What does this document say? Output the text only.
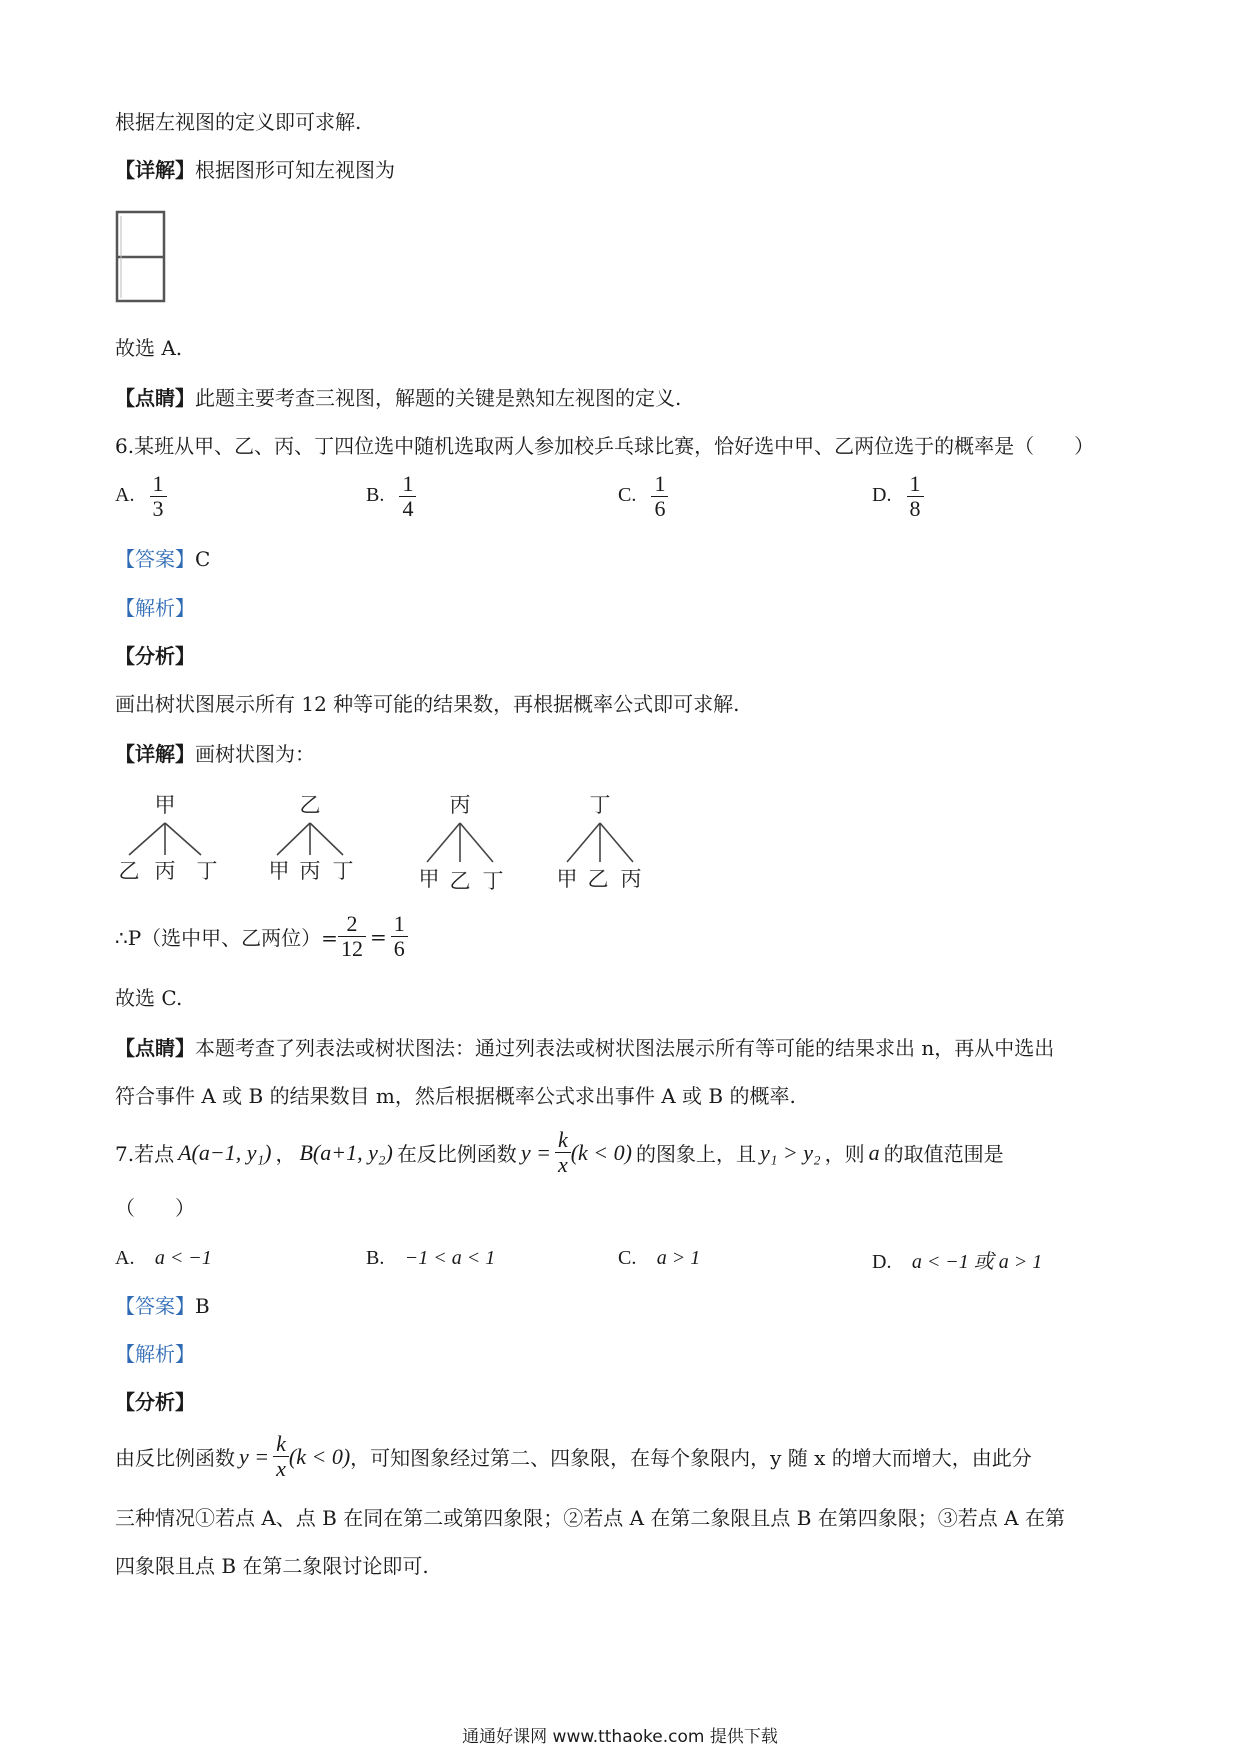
根据左视图的定义即可求解.
【详解】根据图形可知左视图为
故选 A.
【点睛】此题主要考查三视图，解题的关键是熟知左视图的定义.
6.某班从甲、乙、丙、丁四位选中随机选取两人参加校乒乓球比赛，恰好选中甲、乙两位选于的概率是（　　）
A. $\frac{1}{3}$	B. $\frac{1}{4}$	C. $\frac{1}{6}$	D. $\frac{1}{8}$
【答案】C
【解析】
【分析】
画出树状图展示所有 12 种等可能的结果数，再根据概率公式即可求解.
【详解】画树状图为：
甲
乙 丙 丁
乙
甲 丙 丁
丙
甲 乙 丁
丁
甲 乙 丙
∴P（选中甲、乙两位）= $\frac{2}{12} = \frac{1}{6}$
故选 C.
【点睛】本题考查了列表法或树状图法：通过列表法或树状图法展示所有等可能的结果求出 n，再从中选出
符合事件 A 或 B 的结果数目 m，然后根据概率公式求出事件 A 或 B 的概率.
7.若点 A(a−1, y₁) ， B(a+1, y₂) 在反比例函数 $y = \frac{k}{x} (k < 0)$ 的图象上，且 y₁ > y₂ ，则 a 的取值范围是
（　　）
A. a < −1	B. −1 < a < 1	C. a > 1	D. a < −1 或 a > 1
【答案】B
【解析】
【分析】
由反比例函数 $y = \frac{k}{x} (k < 0)$ ，可知图象经过第二、四象限，在每个象限内，y 随 x 的增大而增大，由此分
三种情况①若点 A、点 B 在同在第二或第四象限；②若点 A 在第二象限且点 B 在第四象限；③若点 A 在第
四象限且点 B 在第二象限讨论即可.
通通好课网 www.tthaoke.com 提供下载
